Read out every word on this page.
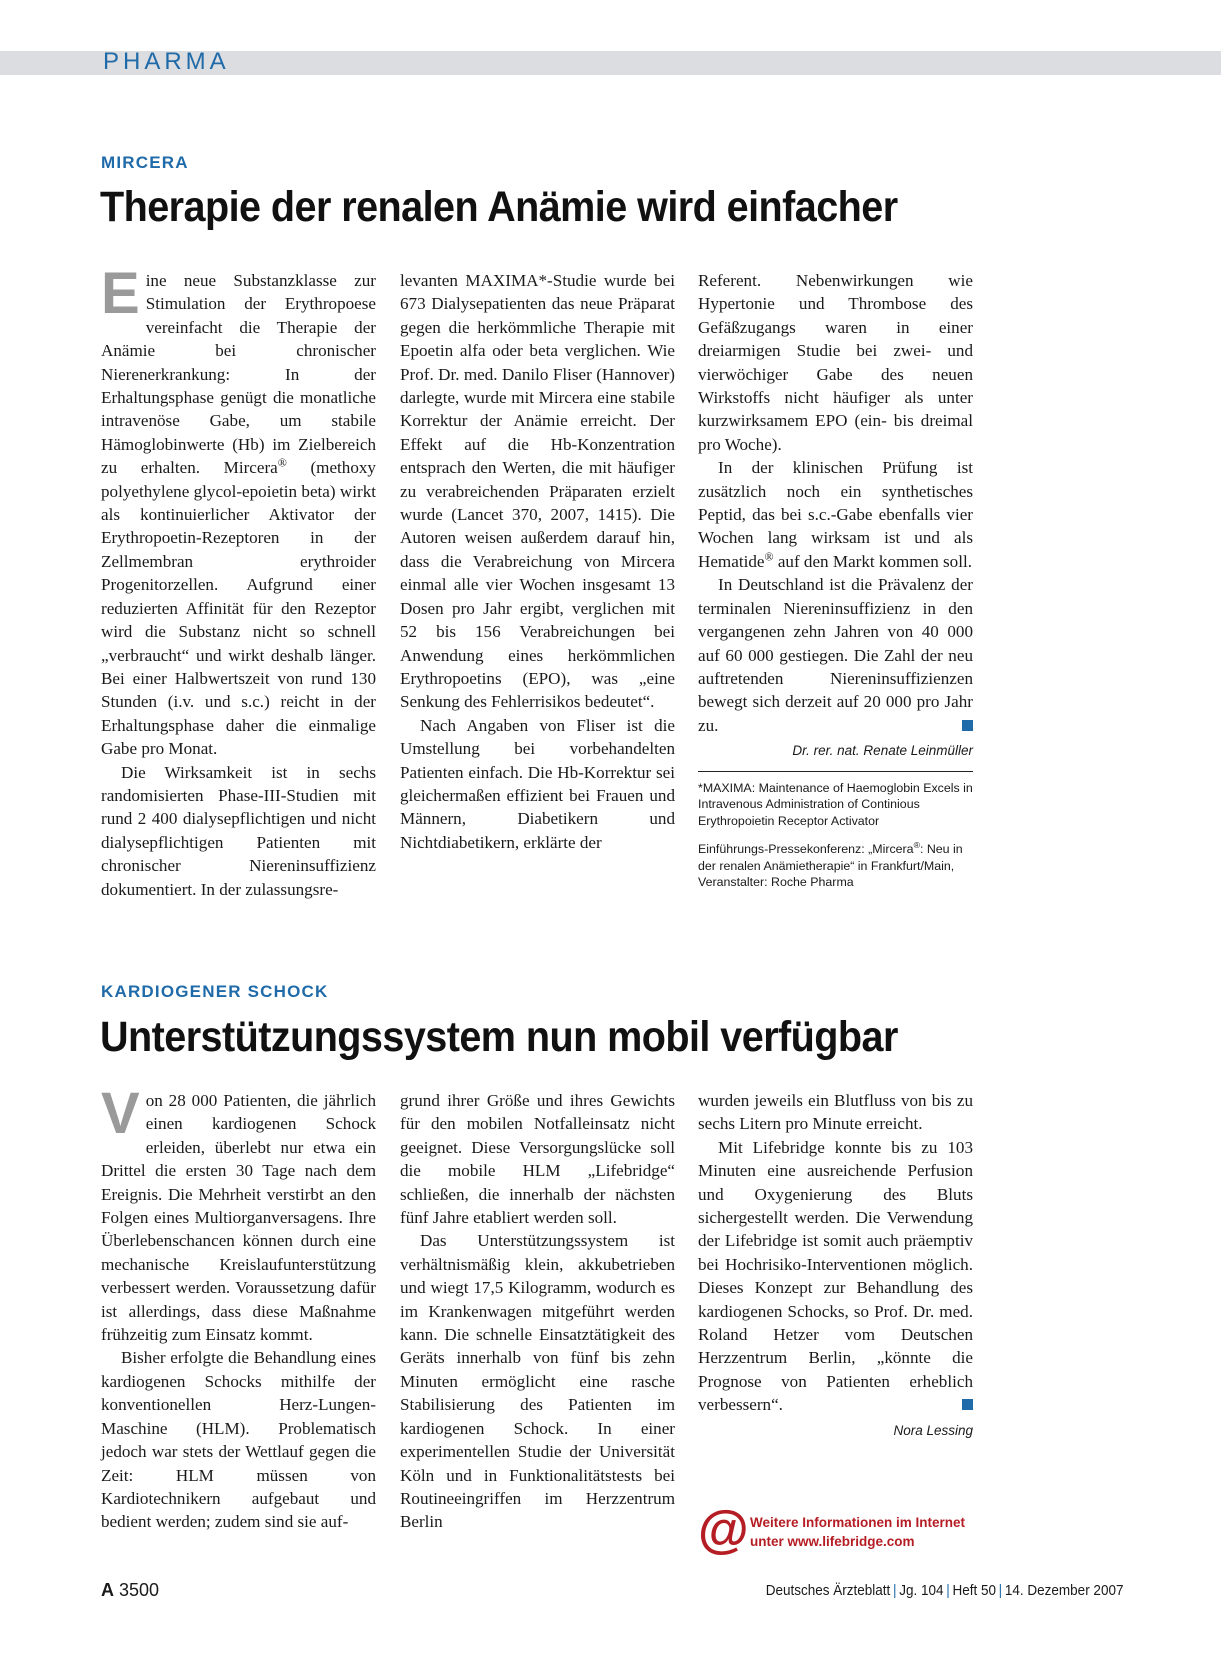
PHARMA
MIRCERA
Therapie der renalen Anämie wird einfacher

Eine neue Substanzklasse zur Stimulation der Erythropoese vereinfacht die Therapie der Anämie bei chronischer Nierenerkrankung: In der Erhaltungsphase genügt die monatliche intravenöse Gabe, um stabile Hämoglobinwerte (Hb) im Zielbereich zu erhalten. Mircera® (methoxy polyethylene glycol-epoietin beta) wirkt als kontinuierlicher Aktivator der Erythropoetin-Rezeptoren in der Zellmembran erythroider Progenitorzellen. Aufgrund einer reduzierten Affinität für den Rezeptor wird die Substanz nicht so schnell „verbraucht“ und wirkt deshalb länger. Bei einer Halbwertszeit von rund 130 Stunden (i.v. und s.c.) reicht in der Erhaltungsphase daher die einmalige Gabe pro Monat.

Die Wirksamkeit ist in sechs randomisierten Phase-III-Studien mit rund 2 400 dialysepflichtigen und nicht dialysepflichtigen Patienten mit chronischer Niereninsuffizienz dokumentiert. In der zulassungsre-

levanten MAXIMA*-Studie wurde bei 673 Dialysepatienten das neue Präparat gegen die herkömmliche Therapie mit Epoetin alfa oder beta verglichen. Wie Prof. Dr. med. Danilo Fliser (Hannover) darlegte, wurde mit Mircera eine stabile Korrektur der Anämie erreicht. Der Effekt auf die Hb-Konzentration entsprach den Werten, die mit häufiger zu verabreichenden Präparaten erzielt wurde (Lancet 370, 2007, 1415). Die Autoren weisen außerdem darauf hin, dass die Verabreichung von Mircera einmal alle vier Wochen insgesamt 13 Dosen pro Jahr ergibt, verglichen mit 52 bis 156 Verabreichungen bei Anwendung eines herkömmlichen Erythropoetins (EPO), was „eine Senkung des Fehlerrisikos bedeutet“.

Nach Angaben von Fliser ist die Umstellung bei vorbehandelten Patienten einfach. Die Hb-Korrektur sei gleichermaßen effizient bei Frauen und Männern, Diabetikern und Nichtdiabetikern, erklärte der

Referent. Nebenwirkungen wie Hypertonie und Thrombose des Gefäßzugangs waren in einer dreiarmigen Studie bei zwei- und vierwöchiger Gabe des neuen Wirkstoffs nicht häufiger als unter kurzwirksamem EPO (ein- bis dreimal pro Woche).

In der klinischen Prüfung ist zusätzlich noch ein synthetisches Peptid, das bei s.c.-Gabe ebenfalls vier Wochen lang wirksam ist und als Hematide® auf den Markt kommen soll.

In Deutschland ist die Prävalenz der terminalen Niereninsuffizienz in den vergangenen zehn Jahren von 40 000 auf 60 000 gestiegen. Die Zahl der neu auftretenden Niereninsuffizienzen bewegt sich derzeit auf 20 000 pro Jahr zu.

Dr. rer. nat. Renate Leinmüller
*MAXIMA: Maintenance of Haemoglobin Excels in Intravenous Administration of Continious Erythropoietin Receptor Activator
Einführungs-Pressekonferenz: „Mircera®: Neu in der renalen Anämietherapie“ in Frankfurt/Main, Veranstalter: Roche Pharma
KARDIOGENER SCHOCK
Unterstützungssystem nun mobil verfügbar

Von 28 000 Patienten, die jährlich einen kardiogenen Schock erleiden, überlebt nur etwa ein Drittel die ersten 30 Tage nach dem Ereignis. Die Mehrheit verstirbt an den Folgen eines Multiorganversagens. Ihre Überlebenschancen können durch eine mechanische Kreislaufunterstützung verbessert werden. Voraussetzung dafür ist allerdings, dass diese Maßnahme frühzeitig zum Einsatz kommt.

Bisher erfolgte die Behandlung eines kardiogenen Schocks mithilfe der konventionellen Herz-Lungen-Maschine (HLM). Problematisch jedoch war stets der Wettlauf gegen die Zeit: HLM müssen von Kardiotechnikern aufgebaut und bedient werden; zudem sind sie auf-

grund ihrer Größe und ihres Gewichts für den mobilen Notfalleinsatz nicht geeignet. Diese Versorgungslücke soll die mobile HLM „Lifebridge“ schließen, die innerhalb der nächsten fünf Jahre etabliert werden soll.

Das Unterstützungssystem ist verhältnismäßig klein, akkubetrieben und wiegt 17,5 Kilogramm, wodurch es im Krankenwagen mitgeführt werden kann. Die schnelle Einsatztätigkeit des Geräts innerhalb von fünf bis zehn Minuten ermöglicht eine rasche Stabilisierung des Patienten im kardiogenen Schock. In einer experimentellen Studie der Universität Köln und in Funktionalitätstests bei Routineeingriffen im Herzzentrum Berlin

wurden jeweils ein Blutfluss von bis zu sechs Litern pro Minute erreicht.

Mit Lifebridge konnte bis zu 103 Minuten eine ausreichende Perfusion und Oxygenierung des Bluts sichergestellt werden. Die Verwendung der Lifebridge ist somit auch präemptiv bei Hochrisiko-Interventionen möglich. Dieses Konzept zur Behandlung des kardiogenen Schocks, so Prof. Dr. med. Roland Hetzer vom Deutschen Herzzentrum Berlin, „könnte die Prognose von Patienten erheblich verbessern“.

Nora Lessing
@ Weitere Informationen im Internet
unter www.lifebridge.com
A 3500	Deutsches Ärzteblatt | Jg. 104 | Heft 50 | 14. Dezember 2007
